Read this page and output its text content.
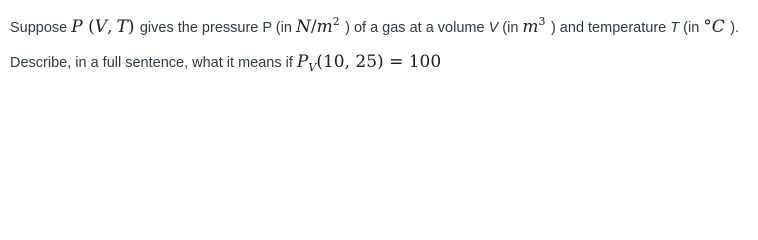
Suppose P (V, T) gives the pressure P (in $N/m^2$ ) of a gas at a volume V (in $m^3$ ) and temperature T (in °C ).
Describe, in a full sentence, what it means if $P_V(10$, 25) = 100
